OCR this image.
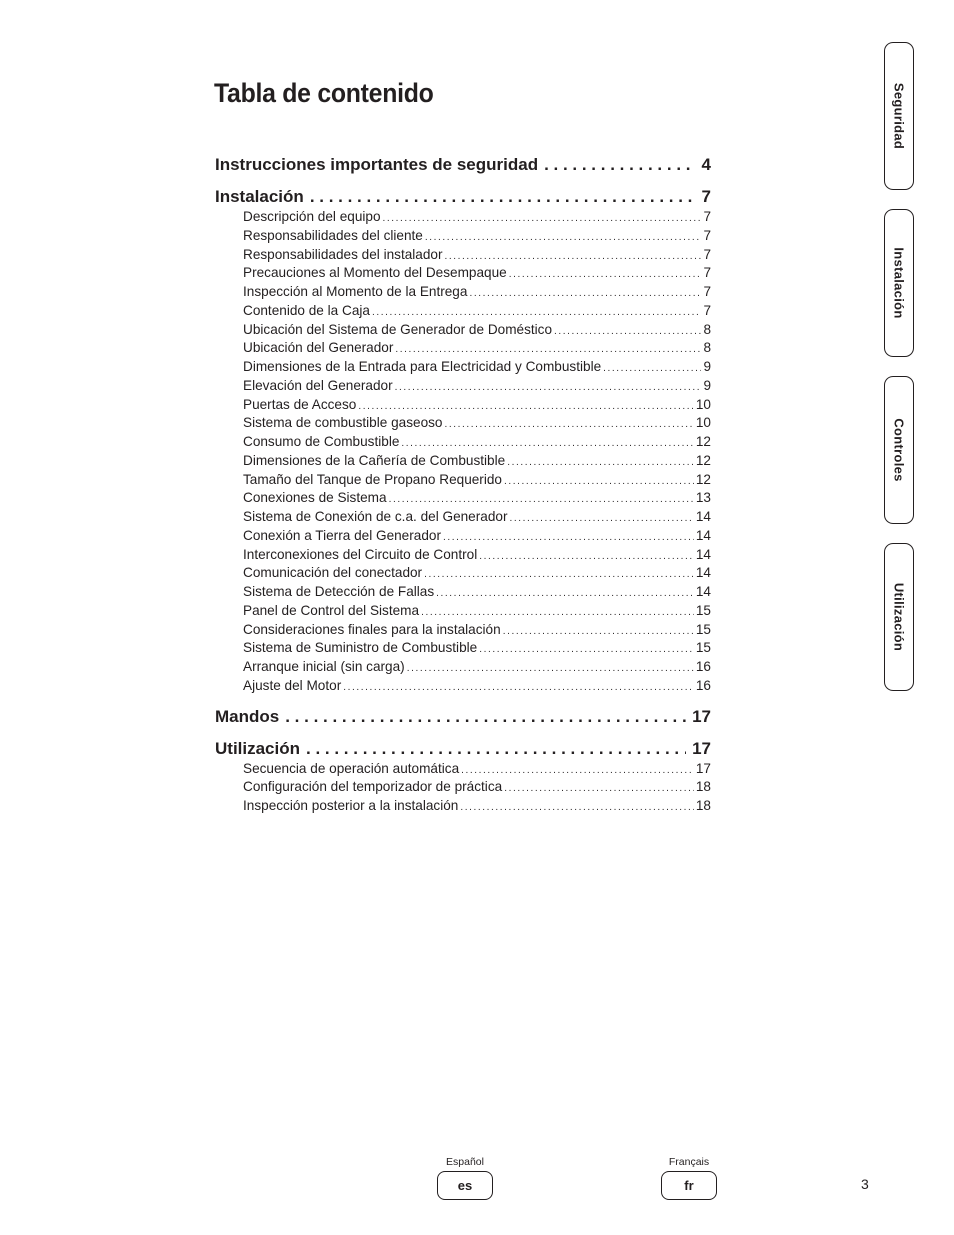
Tabla de contenido
Instrucciones importantes de seguridad . . .	4
Instalación . . .	7
Descripción del equipo .....	7
Responsabilidades del cliente .....	7
Responsabilidades del instalador .....	7
Precauciones al Momento del Desempaque .....	7
Inspección al Momento de la Entrega .....	7
Contenido de la Caja .....	7
Ubicación del Sistema de Generador de Doméstico .....	8
Ubicación del Generador .....	8
Dimensiones de la Entrada para Electricidad y Combustible .....	9
Elevación del Generador .....	9
Puertas de Acceso .....	10
Sistema de combustible gaseoso .....	10
Consumo de Combustible .....	12
Dimensiones de la Cañería de Combustible .....	12
Tamaño del Tanque de Propano Requerido .....	12
Conexiones de Sistema .....	13
Sistema de Conexión de c.a. del Generador .....	14
Conexión a Tierra del Generador .....	14
Interconexiones del Circuito de Control .....	14
Comunicación del conectador .....	14
Sistema de Detección de Fallas .....	14
Panel de Control del Sistema .....	15
Consideraciones finales para la instalación .....	15
Sistema de Suministro de Combustible .....	15
Arranque inicial (sin carga) .....	16
Ajuste del Motor .....	16
Mandos . . .	17
Utilización . . .	17
Secuencia de operación automática .....	17
Configuración del temporizador de práctica .....	18
Inspección posterior a la instalación .....	18
Seguridad
Instalación
Controles
Utilización
Español
es
Français
fr	3
